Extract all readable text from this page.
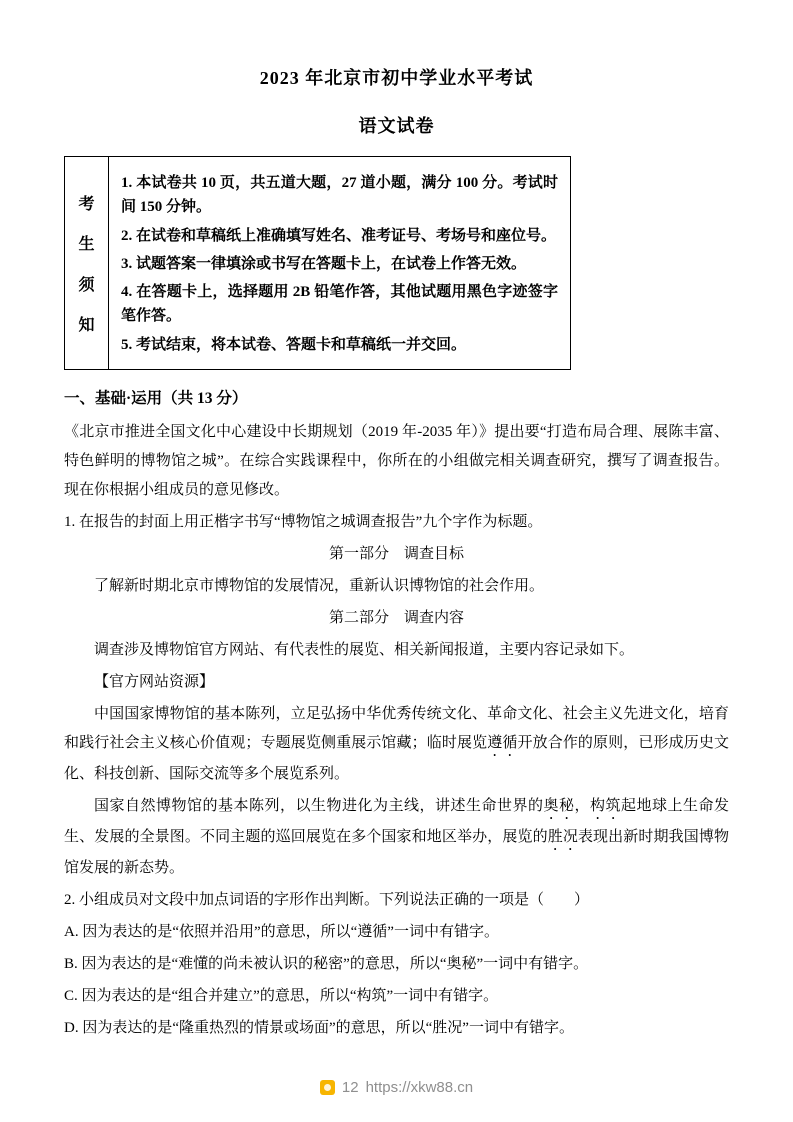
2023 年北京市初中学业水平考试
语文试卷
考
生
须
知
1. 本试卷共 10 页，共五道大题，27 道小题，满分 100 分。考试时间 150 分钟。
2. 在试卷和草稿纸上准确填写姓名、准考证号、考场号和座位号。
3. 试题答案一律填涂或书写在答题卡上，在试卷上作答无效。
4. 在答题卡上，选择题用 2B 铅笔作答，其他试题用黑色字迹签字笔作答。
5. 考试结束，将本试卷、答题卡和草稿纸一并交回。
一、基础·运用（共 13 分）

《北京市推进全国文化中心建设中长期规划（2019 年-2035 年）》提出要“打造布局合理、展陈丰富、特色鲜明的博物馆之城”。在综合实践课程中，你所在的小组做完相关调查研究，撰写了调查报告。现在你根据小组成员的意见修改。

1. 在报告的封面上用正楷字书写“博物馆之城调查报告”九个字作为标题。

第一部分　调查目标

了解新时期北京市博物馆的发展情况，重新认识博物馆的社会作用。

第二部分　调查内容

调查涉及博物馆官方网站、有代表性的展览、相关新闻报道，主要内容记录如下。

【官方网站资源】

中国国家博物馆的基本陈列，立足弘扬中华优秀传统文化、革命文化、社会主义先进文化，培育和践行社会主义核心价值观；专题展览侧重展示馆藏；临时展览遵循开放合作的原则，已形成历史文化、科技创新、国际交流等多个展览系列。

国家自然博物馆的基本陈列，以生物进化为主线，讲述生命世界的奥秘，构筑起地球上生命发生、发展的全景图。不同主题的巡回展览在多个国家和地区举办，展览的胜况表现出新时期我国博物馆发展的新态势。

2. 小组成员对文段中加点词语的字形作出判断。下列说法正确的一项是（　　）

A. 因为表达的是“依照并沿用”的意思，所以“遵循”一词中有错字。

B. 因为表达的是“难懂的尚未被认识的秘密”的意思，所以“奥秘”一词中有错字。

C. 因为表达的是“组合并建立”的意思，所以“构筑”一词中有错字。

D. 因为表达的是“隆重热烈的情景或场面”的意思，所以“胜况”一词中有错字。

12 https://xkw88.cn
